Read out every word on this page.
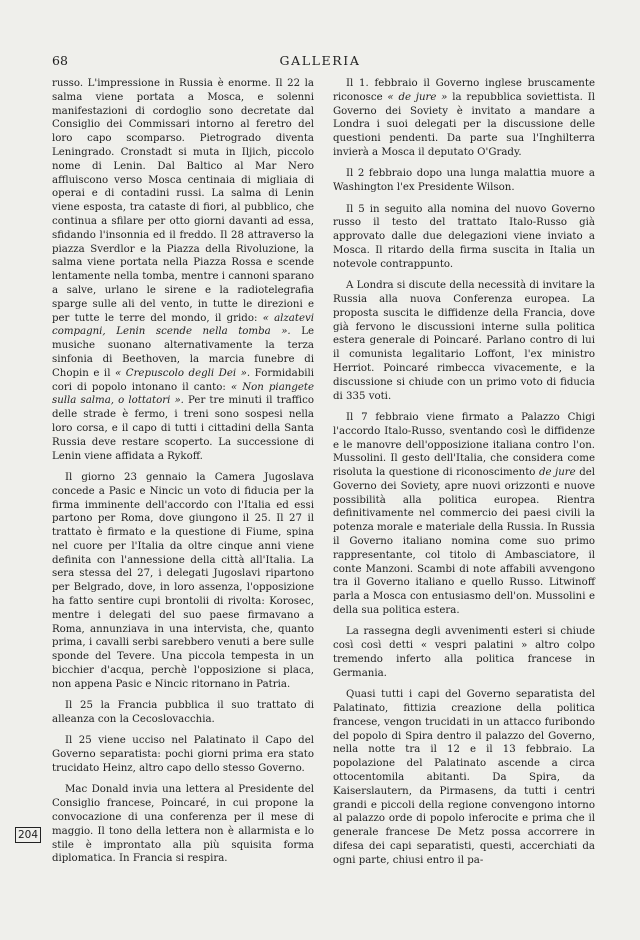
68	GALLERIA

russo. L'impressione in Russia è enorme. Il 22 la salma viene portata a Mosca, e solenni manifestazioni di cordoglio sono decretate dal Consiglio dei Commissari intorno al feretro del loro capo scomparso. Pietrogrado diventa Leningrado. Cronstadt si muta in Iljich, piccolo nome di Lenin. Dal Baltico al Mar Nero affluiscono verso Mosca centinaia di migliaia di operai e di contadini russi. La salma di Lenin viene esposta, tra cataste di fiori, al pubblico, che continua a sfilare per otto giorni davanti ad essa, sfidando l'insonnia ed il freddo. Il 28 attraverso la piazza Sverdlor e la Piazza della Rivoluzione, la salma viene portata nella Piazza Rossa e scende lentamente nella tomba, mentre i cannoni sparano a salve, urlano le sirene e la radiotelegrafia sparge sulle ali del vento, in tutte le direzioni e per tutte le terre del mondo, il grido: « alzatevi compagni, Lenin scende nella tomba ». Le musiche suonano alternativamente la terza sinfonia di Beethoven, la marcia funebre di Chopin e il « Crepuscolo degli Dei ». Formidabili cori di popolo intonano il canto: « Non piangete sulla salma, o lottatori ». Per tre minuti il traffico delle strade è fermo, i treni sono sospesi nella loro corsa, e il capo di tutti i cittadini della Santa Russia deve restare scoperto. La successione di Lenin viene affidata a Rykoff.

Il giorno 23 gennaio la Camera Jugoslava concede a Pasic e Nincic un voto di fiducia per la firma imminente dell'accordo con l'Italia ed essi partono per Roma, dove giungono il 25. Il 27 il trattato è firmato e la questione di Fiume, spina nel cuore per l'Italia da oltre cinque anni viene definita con l'annessione della città all'Italia. La sera stessa del 27, i delegati Jugoslavi ripartono per Belgrado, dove, in loro assenza, l'opposizione ha fatto sentire cupi brontolii di rivolta: Korosec, mentre i delegati del suo paese firmavano a Roma, annunziava in una intervista, che, quanto prima, i cavalli serbi sarebbero venuti a bere sulle sponde del Tevere. Una piccola tempesta in un bicchier d'acqua, perchè l'opposizione si placa, non appena Pasic e Nincic ritornano in Patria.

Il 25 la Francia pubblica il suo trattato di alleanza con la Cecoslovacchia.

Il 25 viene ucciso nel Palatinato il Capo del Governo separatista: pochi giorni prima era stato trucidato Heinz, altro capo dello stesso Governo.

Mac Donald invia una lettera al Presidente del Consiglio francese, Poincaré, in cui propone la convocazione di una conferenza per il mese di maggio. Il tono della lettera non è allarmista e lo stile è improntato alla più squisita forma diplomatica. In Francia si respira.

Il 1. febbraio il Governo inglese bruscamente riconosce « de jure » la repubblica soviettista. Il Governo dei Soviety è invitato a mandare a Londra i suoi delegati per la discussione delle questioni pendenti. Da parte sua l'Inghilterra invierà a Mosca il deputato O'Grady.

Il 2 febbraio dopo una lunga malattia muore a Washington l'ex Presidente Wilson.

Il 5 in seguito alla nomina del nuovo Governo russo il testo del trattato Italo-Russo già approvato dalle due delegazioni viene inviato a Mosca. Il ritardo della firma suscita in Italia un notevole contrappunto.

A Londra si discute della necessità di invitare la Russia alla nuova Conferenza europea. La proposta suscita le diffidenze della Francia, dove già fervono le discussioni interne sulla politica estera generale di Poincaré. Parlano contro di lui il comunista legalitario Loffont, l'ex ministro Herriot. Poincaré rimbecca vivacemente, e la discussione si chiude con un primo voto di fiducia di 335 voti.

Il 7 febbraio viene firmato a Palazzo Chigi l'accordo Italo-Russo, sventando così le diffidenze e le manovre dell'opposizione italiana contro l'on. Mussolini. Il gesto dell'Italia, che considera come risoluta la questione di riconoscimento de jure del Governo dei Soviety, apre nuovi orizzonti e nuove possibilità alla politica europea. Rientra definitivamente nel commercio dei paesi civili la potenza morale e materiale della Russia. In Russia il Governo italiano nomina come suo primo rappresentante, col titolo di Ambasciatore, il conte Manzoni. Scambi di note affabili avvengono tra il Governo italiano e quello Russo. Litwinoff parla a Mosca con entusiasmo dell'on. Mussolini e della sua politica estera.

La rassegna degli avvenimenti esteri si chiude così così detti « vespri palatini » altro colpo tremendo inferto alla politica francese in Germania.

Quasi tutti i capi del Governo separatista del Palatinato, fittizia creazione della politica francese, vengon trucidati in un attacco furibondo del popolo di Spira dentro il palazzo del Governo, nella notte tra il 12 e il 13 febbraio. La popolazione del Palatinato ascende a circa ottocentomila abitanti. Da Spira, da Kaiserslautern, da Pirmasens, da tutti i centri grandi e piccoli della regione convengono intorno al palazzo orde di popolo inferocite e prima che il generale francese De Metz possa accorrere in difesa dei capi separatisti, questi, accerchiati da ogni parte, chiusi entro il pa-

204
